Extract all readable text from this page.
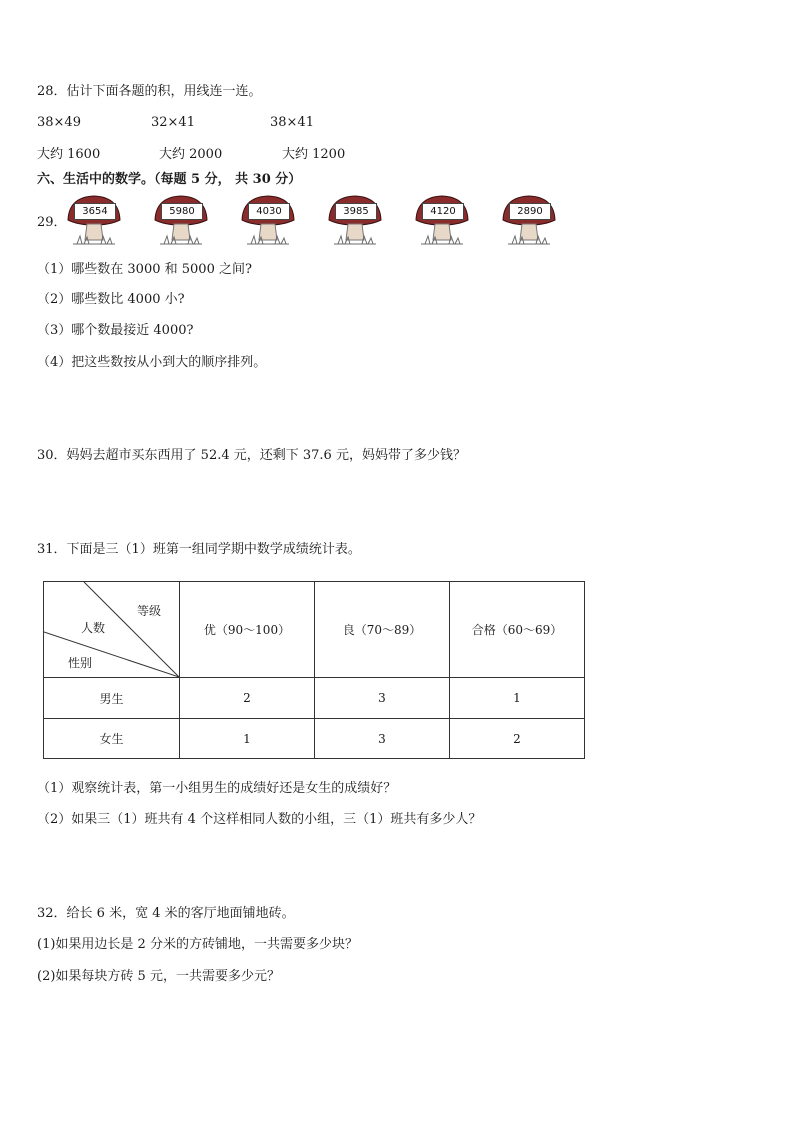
28．估计下面各题的积，用线连一连。
38×49	32×41	38×41
大约 1600	大约 2000	大约 1200
六、生活中的数学。（每题 5 分， 共 30 分）
29．
3654	5980	4030	3985	4120	2890
（1）哪些数在 3000 和 5000 之间?
（2）哪些数比 4000 小?
（3）哪个数最接近 4000?
（4）把这些数按从小到大的顺序排列。
30．妈妈去超市买东西用了 52.4 元，还剩下 37.6 元，妈妈带了多少钱？
31．下面是三（1）班第一组同学期中数学成绩统计表。
等级
人数
性别	优（90～100）	良（70～89）	合格（60～69）
男生	2	3	1
女生	1	3	2
（1）观察统计表，第一小组男生的成绩好还是女生的成绩好？
（2）如果三（1）班共有 4 个这样相同人数的小组，三（1）班共有多少人？
32．给长 6 米，宽 4 米的客厅地面铺地砖。
(1)如果用边长是 2 分米的方砖铺地，一共需要多少块？
(2)如果每块方砖 5 元，一共需要多少元？
